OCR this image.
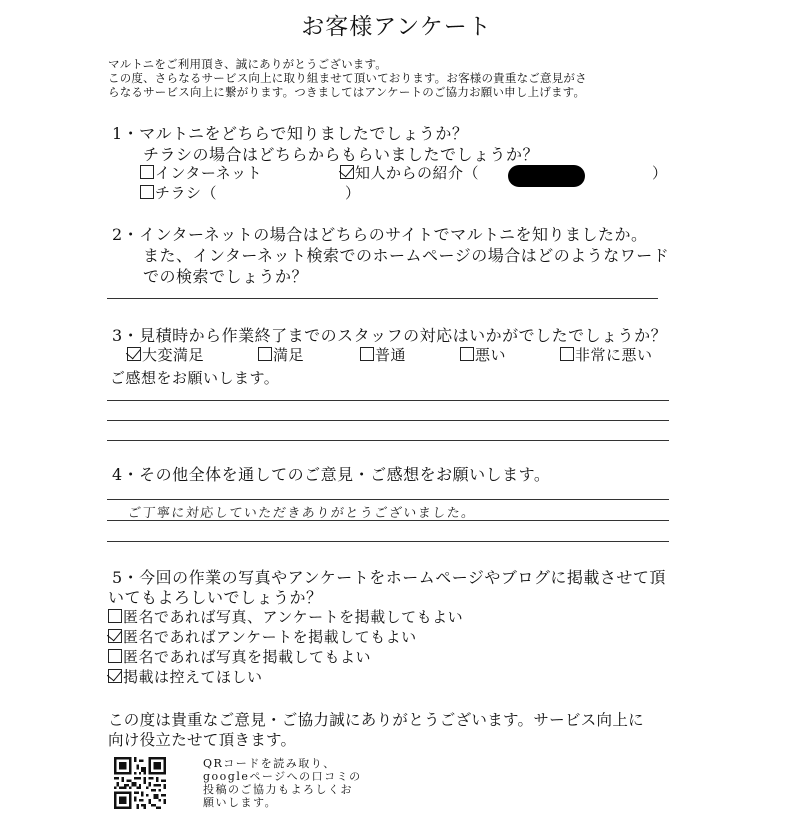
お客様アンケート
マルトニをご利用頂き、誠にありがとうございます。
この度、さらなるサービス向上に取り組ませて頂いております。お客様の貴重なご意見がさ
らなるサービス向上に繋がります。つきましてはアンケートのご協力お願い申し上げます。
1・マルトニをどちらで知りましたでしょうか？
チラシの場合はどちらからもらいましたでしょうか？
インターネット	知人からの紹介（	）
チラシ（	）
2・インターネットの場合はどちらのサイトでマルトニを知りましたか。
また、インターネット検索でのホームページの場合はどのようなワード
での検索でしょうか？
3・見積時から作業終了までのスタッフの対応はいかがでしたでしょうか？
大変満足	満足	普通	悪い	非常に悪い
ご感想をお願いします。
4・その他全体を通してのご意見・ご感想をお願いします。
ご丁寧に対応していただきありがとうございました。
5・今回の作業の写真やアンケートをホームページやブログに掲載させて頂
いてもよろしいでしょうか？
匿名であれば写真、アンケートを掲載してもよい
匿名であればアンケートを掲載してもよい
匿名であれば写真を掲載してもよい
掲載は控えてほしい
この度は貴重なご意見・ご協力誠にありがとうございます。サービス向上に
向け役立たせて頂きます。
QRコードを読み取り、
googleページへの口コミの
投稿のご協力もよろしくお
願いします。
